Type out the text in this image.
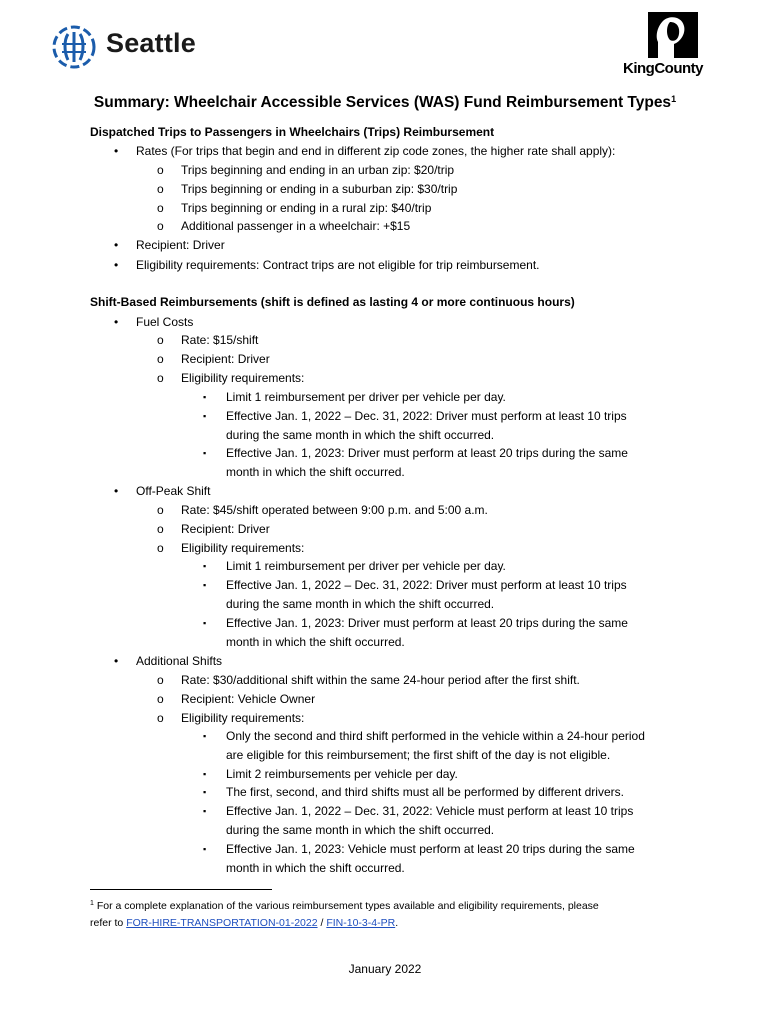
Seattle
KingCounty
Summary: Wheelchair Accessible Services (WAS) Fund Reimbursement Types$^1$
Dispatched Trips to Passengers in Wheelchairs (Trips) Reimbursement
• Rates (For trips that begin and end in different zip code zones, the higher rate shall apply):
o Trips beginning and ending in an urban zip: $20/trip
o Trips beginning or ending in a suburban zip: $30/trip
o Trips beginning or ending in a rural zip: $40/trip
o Additional passenger in a wheelchair: +$15
• Recipient: Driver
• Eligibility requirements: Contract trips are not eligible for trip reimbursement.
Shift-Based Reimbursements (shift is defined as lasting 4 or more continuous hours)
• Fuel Costs
o Rate: $15/shift
o Recipient: Driver
o Eligibility requirements:
▪ Limit 1 reimbursement per driver per vehicle per day.
▪ Effective Jan. 1, 2022 – Dec. 31, 2022: Driver must perform at least 10 trips
during the same month in which the shift occurred.
▪ Effective Jan. 1, 2023: Driver must perform at least 20 trips during the same
month in which the shift occurred.
• Off-Peak Shift
o Rate: $45/shift operated between 9:00 p.m. and 5:00 a.m.
o Recipient: Driver
o Eligibility requirements:
▪ Limit 1 reimbursement per driver per vehicle per day.
▪ Effective Jan. 1, 2022 – Dec. 31, 2022: Driver must perform at least 10 trips
during the same month in which the shift occurred.
▪ Effective Jan. 1, 2023: Driver must perform at least 20 trips during the same
month in which the shift occurred.
• Additional Shifts
o Rate: $30/additional shift within the same 24-hour period after the first shift.
o Recipient: Vehicle Owner
o Eligibility requirements:
▪ Only the second and third shift performed in the vehicle within a 24-hour period
are eligible for this reimbursement; the first shift of the day is not eligible.
▪ Limit 2 reimbursements per vehicle per day.
▪ The first, second, and third shifts must all be performed by different drivers.
▪ Effective Jan. 1, 2022 – Dec. 31, 2022: Vehicle must perform at least 10 trips
during the same month in which the shift occurred.
▪ Effective Jan. 1, 2023: Vehicle must perform at least 20 trips during the same
month in which the shift occurred.
$^1$ For a complete explanation of the various reimbursement types available and eligibility requirements, please
refer to FOR-HIRE-TRANSPORTATION-01-2022 / FIN-10-3-4-PR.
January 2022
